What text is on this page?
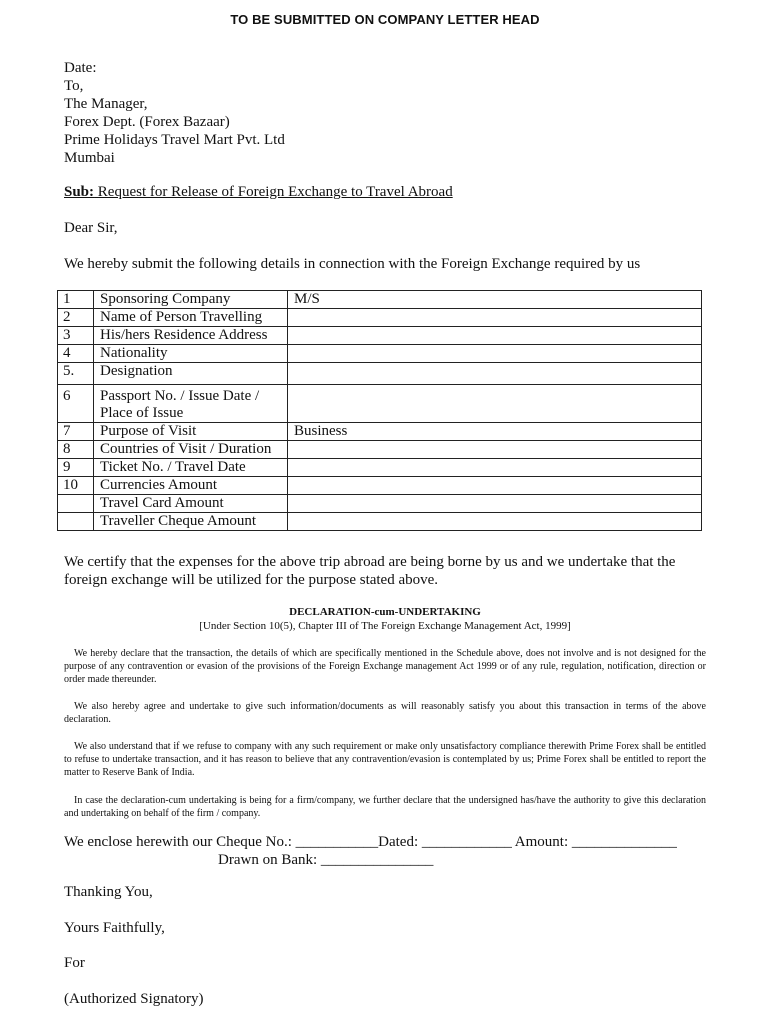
TO BE SUBMITTED ON COMPANY LETTER HEAD
Date:
To,
The Manager,
Forex Dept. (Forex Bazaar)
Prime Holidays Travel Mart Pvt. Ltd
Mumbai
Sub: Request for Release of Foreign Exchange to Travel Abroad
Dear Sir,
We hereby submit the following details in connection with the Foreign Exchange required by us
1	Sponsoring Company	M/S
2	Name of Person Travelling	
3	His/hers Residence Address	
4	Nationality	
5.	Designation	
6	Passport No. / Issue Date / Place of Issue	
7	Purpose of Visit	Business
8	Countries of Visit / Duration	
9	Ticket No. / Travel Date	
10	Currencies Amount	
	Travel Card Amount	
	Traveller Cheque Amount	
We certify that the expenses for the above trip abroad are being borne by us and we undertake that the foreign exchange will be utilized for the purpose stated above.
DECLARATION-cum-UNDERTAKING
[Under Section 10(5), Chapter III of The Foreign Exchange Management Act, 1999]
We hereby declare that the transaction, the details of which are specifically mentioned in the Schedule above, does not involve and is not designed for the purpose of any contravention or evasion of the provisions of the Foreign Exchange management Act 1999 or of any rule, regulation, notification, direction or order made thereunder.
We also hereby agree and undertake to give such information/documents as will reasonably satisfy you about this transaction in terms of the above declaration.
We also understand that if we refuse to company with any such requirement or make only unsatisfactory compliance therewith Prime Forex shall be entitled to refuse to undertake transaction, and it has reason to believe that any contravention/evasion is contemplated by us; Prime Forex shall be entitled to report the matter to Reserve Bank of India.
In case the declaration-cum undertaking is being for a firm/company, we further declare that the undersigned has/have the authority to give this declaration and undertaking on behalf of the firm / company.
We enclose herewith our Cheque No.: ___________Dated: ____________ Amount: ______________
Drawn on Bank: _______________
Thanking You,
Yours Faithfully,
For
(Authorized Signatory)
